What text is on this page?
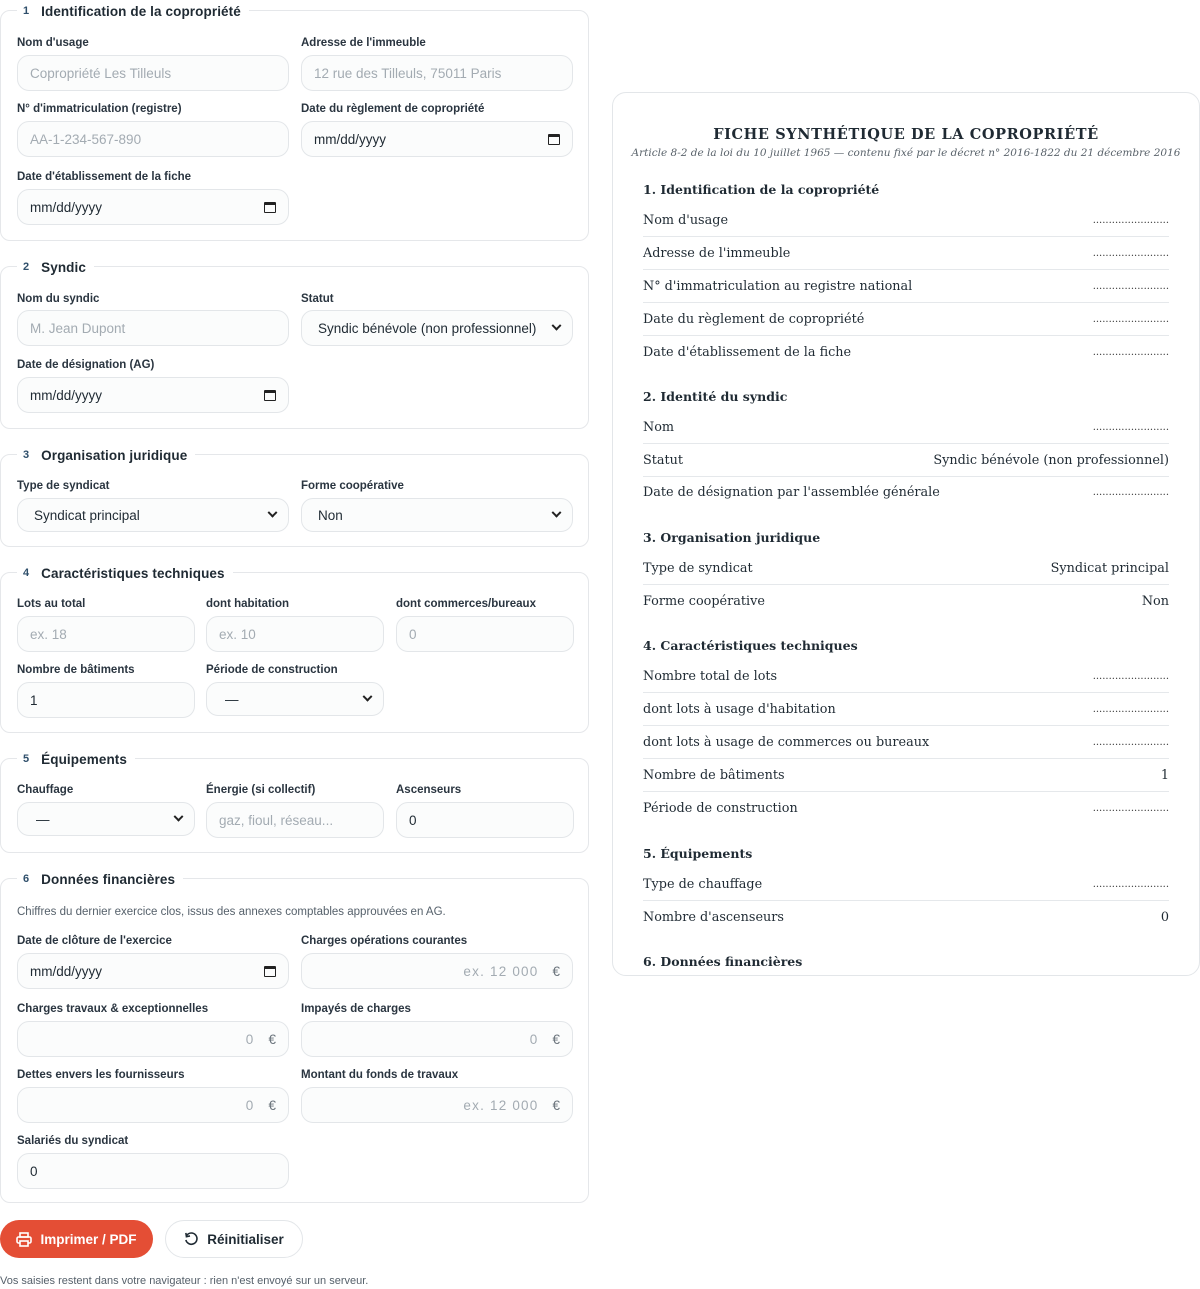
1 Identification de la copropriété
Nom d'usage
Copropriété Les Tilleuls
Adresse de l'immeuble
12 rue des Tilleuls, 75011 Paris
N° d'immatriculation (registre)
AA-1-234-567-890
Date du règlement de copropriété
mm/dd/yyyy
Date d'établissement de la fiche
mm/dd/yyyy
2 Syndic
Nom du syndic
M. Jean Dupont
Statut
Syndic bénévole (non professionnel)
Date de désignation (AG)
mm/dd/yyyy
3 Organisation juridique
Type de syndicat
Syndicat principal
Forme coopérative
Non
4 Caractéristiques techniques
Lots au total
ex. 18
dont habitation
ex. 10
dont commerces/bureaux
0
Nombre de bâtiments
1
Période de construction
—
5 Équipements
Chauffage
—
Énergie (si collectif)
gaz, fioul, réseau...
Ascenseurs
0
6 Données financières
Chiffres du dernier exercice clos, issus des annexes comptables approuvées en AG.
Date de clôture de l'exercice
mm/dd/yyyy
Charges opérations courantes
ex. 12 000 €
Charges travaux & exceptionnelles
0 €
Impayés de charges
0 €
Dettes envers les fournisseurs
0 €
Montant du fonds de travaux
ex. 12 000 €
Salariés du syndicat
0
Imprimer / PDF	Réinitialiser
Vos saisies restent dans votre navigateur : rien n'est envoyé sur un serveur.
FICHE SYNTHÉTIQUE DE LA COPROPRIÉTÉ
Article 8-2 de la loi du 10 juillet 1965 — contenu fixé par le décret n° 2016-1822 du 21 décembre 2016
1. Identification de la copropriété
Nom d'usage	........................
Adresse de l'immeuble	........................
N° d'immatriculation au registre national	........................
Date du règlement de copropriété	........................
Date d'établissement de la fiche	........................
2. Identité du syndic
Nom	........................
Statut	Syndic bénévole (non professionnel)
Date de désignation par l'assemblée générale	........................
3. Organisation juridique
Type de syndicat	Syndicat principal
Forme coopérative	Non
4. Caractéristiques techniques
Nombre total de lots	........................
dont lots à usage d'habitation	........................
dont lots à usage de commerces ou bureaux	........................
Nombre de bâtiments	1
Période de construction	........................
5. Équipements
Type de chauffage	........................
Nombre d'ascenseurs	0
6. Données financières
